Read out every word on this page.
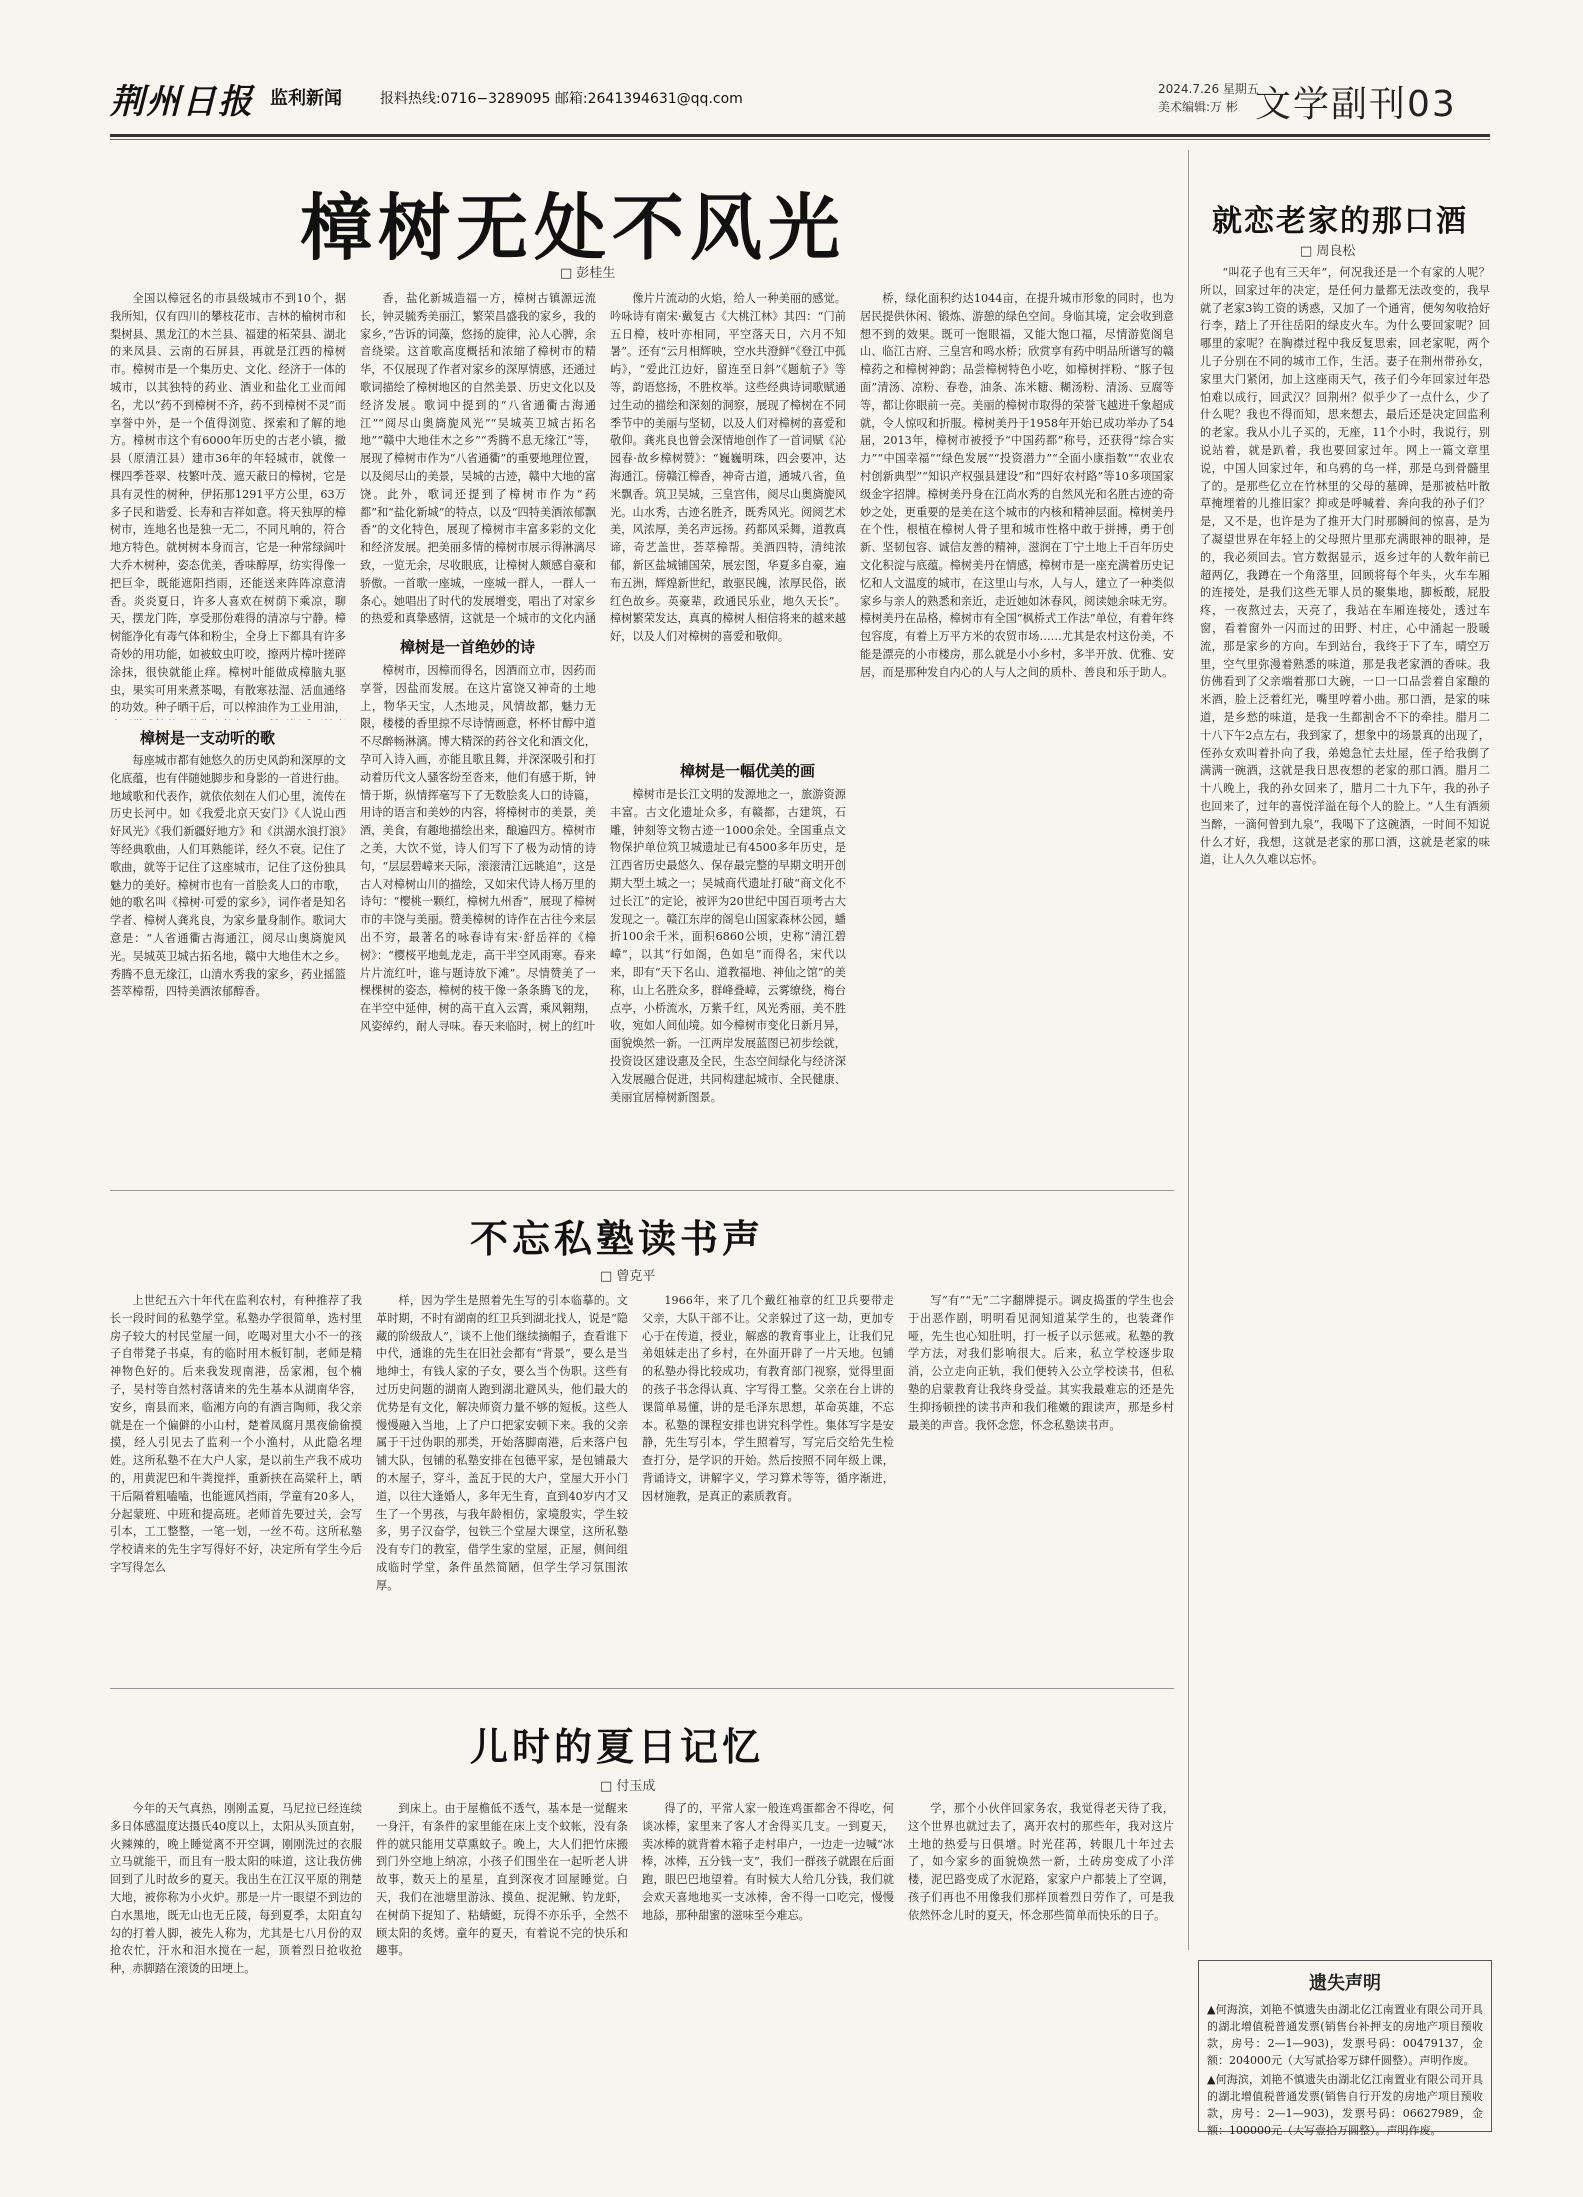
荆州日报 监利新闻	报料热线:0716−3289095 邮箱:2641394631@qq.com
2024.7.26 星期五
美术编辑:万 彬 文学副刊03
樟树无处不风光
□ 彭桂生

全国以樟冠名的市县级城市不到10个，据我所知，仅有四川的攀枝花市、吉林的榆树市和梨树县、黑龙江的木兰县、福建的柘荣县、湖北的来凤县、云南的石屏县，再就是江西的樟树市。樟树市是一个集历史、文化、经济于一体的城市，以其独特的药业、酒业和盐化工业而闻名，尤以“药不到樟树不齐，药不到樟树不灵”而享誉中外，是一个值得浏览、探索和了解的地方。樟树市这个有6000年历史的古老小镇，撤县（原清江县）建市36年的年轻城市，就像一棵四季苍翠、枝繁叶茂、遮天蔽日的樟树，它是具有灵性的树种，伊拓那1291平方公里，63万多子民和谐爱、长寿和吉祥如意。将天独厚的樟树市，连地名也是独一无二，不同凡响的，符合地方特色。就树树本身而言，它是一种常绿阔叶大乔木树种，姿态优美，香味醇厚，纺实得像一把巨伞，既能遮阳挡雨，还能送来阵阵凉意清香。炎炎夏日，许多人喜欢在树荫下乘凉，聊天，摆龙门阵，享受那份难得的清凉与宁静。樟树能净化有毒气体和粉尘，全身上下都具有许多奇妙的用功能，如被蚊虫叮咬，擦两片樟叶搓碎涂抹，很快就能止痒。樟树叶能做成樟脑丸驱虫，果实可用来煮茶喝，有散寒祛湿、活血通络的功效。种子晒干后，可以榨油作为工业用油，

樟树是一支动听的歌

每座城市都有她悠久的历史风韵和深厚的文化底蕴，也有伴随她脚步和身影的一首进行曲。地域歌和代表作，就依依刻在人们心里，流传在历史长河中。如《我爱北京天安门》《人说山西好风光》《我们新疆好地方》和《洪湖水浪打浪》等经典歌曲，人们耳熟能详，经久不衰。记住了歌曲，就等于记住了这座城市，记住了这份独具魅力的美好。樟树市也有一首脍炙人口的市歌，她的歌名叫《樟树·可爱的家乡》，词作者是知名学者、樟树人龚兆良，为家乡量身制作。歌词大意是：“人省通衢古海通江，阅尽山奥旖旎风光。吴城英卫城古拓名地，赣中大地佳木之乡。秀腾不息无缘江，山清水秀我的家乡，药业摇篮荟萃樟帮，四特美酒浓郁醇香。

香，盐化新城造福一方，樟树古镇源远流长，钟灵毓秀美丽江，繁荣昌盛我的家乡，我的家乡，”告诉的词藻，悠扬的旋律，沁人心脾，余音绕梁。这首歌高度概括和浓缩了樟树市的精华，不仅展现了作者对家乡的深厚情感，还通过歌词描绘了樟树地区的自然美景、历史文化以及经济发展。歌词中提到的“八省通衢古海通江”“阅尽山奥旖旎风光”“吴城英卫城古拓名地”“赣中大地佳木之乡”“秀腾不息无缘江”等，展现了樟树市作为“八省通衢”的重要地理位置，以及阅尽山的美景，吴城的古迹，赣中大地的富饶。此外，歌词还提到了樟树市作为“药都”和“盐化新城”的特点，以及“四特美酒浓郁飘香”的文化特色，展现了樟树市丰富多彩的文化和经济发展。把美丽多情的樟树市展示得淋漓尽致，一览无余，尽收眼底，让樟树人颇感自豪和骄傲。一首歌一座城，一座城一群人，一群人一条心。她唱出了时代的发展增变，唱出了对家乡的热爱和真挚感情，这就是一个城市的文化内涵

樟树是一首绝妙的诗

樟树市，因樟而得名，因酒而立市，因药而享誉，因盐而发展。在这片富饶又神奇的土地上，物华天宝，人杰地灵，风情故都，魅力无限，楼楼的香里掠不尽诗情画意，杯杯甘醇中道不尽醉畅淋漓。博大精深的药谷文化和酒文化，孕可入诗入画，亦能且歌且舞，并深深吸引和打动着历代文人骚客纷至沓来，他们有感于斯，钟情于斯，纵情挥毫写下了无数脍炙人口的诗篇，用诗的语言和美妙的内容，将樟树市的美景，美酒，美食，有趣地描绘出来，酿遍四方。樟树市之美，大饮不觉，诗人们写下了极为动情的诗句，“层层碧嶂来天际，滚滚清江远眺追”，这是古人对樟树山川的描绘，又如宋代诗人杨万里的诗句：“樱桃一颗红，樟树九州香”，展现了樟树市的丰饶与美丽。赞美樟树的诗作在古往今来层出不穷，最著名的咏春诗有宋·舒岳祥的《樟树》：“樱桜平地虬龙走，高干半空风雨寒。春来片片流红叶，谁与题诗放下滩”。尽情赞美了一棵棵树的姿态，樟树的枝干像一条条腾飞的龙，在半空中延伸，树的高干直入云霄，乘风翱翔，风姿绰约，耐人寻味。春天来临时，树上的红叶

像片片流动的火焰，给人一种美丽的感觉。吟咏诗有南宋·戴复古《大桃江林》其四：“门前五日樟，枝叶亦相同，平空落天日，六月不知暑”。还有“云月相辉映，空水共澄鲜”《登江中孤屿》，“爱此江边好，留连至日斜”《题航子》等等，韵语悠扬，不胜枚举。这些经典诗词歌赋通过生动的描绘和深刻的洞察，展现了樟树在不同季节中的美丽与坚韧，以及人们对樟树的喜爱和敬仰。龚兆良也曾会深情地创作了一首词赋《沁园春·故乡樟树赞》：“巍巍明珠，四会要冲，达海通江。傍赣江樟香，神奇古道，通城八省，鱼米飘香。筑卫吴城，三皇宫伟，阅尽山奥旖旎风光。山水秀，古迹名胜齐，既秀风光。阅阅艺术美，风浓厚，美名声远扬。药都风采舞，道教真谛，奇艺盖世，荟萃樟帮。美酒四特，清纯浓郁，新区盐城铺国荣，展宏图，华夏多自豪，遍布五洲，辉煌新世纪，敢驱民魄，浓厚民俗，嵌红色故乡。英豪辈，政通民乐业，地久天长”。樟树繁荣发达，真真的樟树人相信将来的越来越好，以及人们对樟树的喜爱和敬仰。

樟树是一幅优美的画

樟树市是长江文明的发源地之一，旅游资源丰富。古文化遗址众多，有赣都，古建筑，石雕，钟刻等文物古迹一1000余处。全国重点文物保护单位筑卫城遗址已有4500多年历史，是江西省历史最悠久、保存最完整的早期文明开创期大型土城之一；吴城商代遗址打破“商文化不过长江”的定论，被评为20世纪中国百项考古大发现之一。赣江东岸的阁皂山国家森林公园，蟠折100余千米，面积6860公顷，史称“清江碧嶂”，以其“行如阁，色如皂”而得名，宋代以来，即有“天下名山、道教福地、神仙之馆”的美称，山上名胜众多，群峰叠嶂，云雾缭绕，梅台点亭，小桥流水，万紫千红，风光秀丽，美不胜收，宛如人间仙境。如今樟树市变化日新月异，面貌焕然一新。一江两岸发展蓝图已初步绘就，投资设区建设惠及全民，生态空间绿化与经济深入发展融合促进，共同构建起城市、全民健康、美丽宜居樟树新图景。

桥，绿化面积约达1044亩，在提升城市形象的同时，也为居民提供休闲、锻炼、游憩的绿色空间。身临其境，定会收到意想不到的效果。既可一饱眼福，又能大饱口福，尽情游览阁皂山、临江古府、三皇宫和鸣水桥；欣赏享有药中明品所谱写的赣樟药之和樟树神韵；品尝樟树特色小吃，如樟树拌粉、“豚子包面”清汤、凉粉、春卷，油条、冻米糖、糊汤粉、清汤、豆腐等等，都让你眼前一亮。美丽的樟树市取得的荣誉飞越进千象超成就，令人惊叹和折服。樟树美丹于1958年开始已成功举办了54届，2013年，樟树市被授予“中国药都”称号，还获得“综合实力”“中国幸福”“绿色发展”“投资潜力”“全面小康指数”“农业农村创新典型”“知识产权强县建设”和“四好农村路”等10多项国家级金字招牌。樟树美丹身在江尚水秀的自然风光和名胜古迹的奇妙之处，更重要的是美在这个城市的内核和精神层面。樟树美丹在个性，根植在樟树人骨子里和城市性格中敢于拼搏，勇于创新、坚韧包容、诚信友善的精神，滋润在丁宁土地上千百年历史文化积淀与底蕴。樟树美丹在情感，樟树市是一座充满着历史记忆和人文温度的城市，在这里山与水，人与人，建立了一种类似家乡与亲人的熟悉和亲近，走近她如沐春风，阅读她余味无穷。樟树美丹在品格，樟树市有全国“枫桥式工作法”单位，有着年终包容度，有着上万平方米的农贸市场……尤其是农村这份美，不能是漂亮的小市楼房，那么就是小小乡村，多半开放、优雅、安居，而是那种发自内心的人与人之间的质朴、善良和乐于助人。

不忘私塾读书声
□ 曾克平

上世纪五六十年代在监利农村，有种推荐了我长一段时间的私塾学堂。私塾办学很简单，选村里房子较大的村民堂屋一间，吃喝对里大小不一的孩子自带凳子书桌，有的临时用木板钉制，老师是精神物色好的。后来我发现南港，岳家湘，包个楠子，吴村等自然村落请来的先生基本从湖南华容，安乡，南县而来，临湘方向的有酒言陶师，我父亲就是在一个偏僻的小山村，楚着凤腐月黑夜偷偷摸摸，经人引见去了监利一个小渔村，从此隐名埋姓。这所私塾不在大户人家，是以前生产我不成功的，用黄泥巴和牛粪搅拌，重新挟在高粱秆上，晒干后隔着粗嗑嗑，也能遮风挡雨，学童有20多人，分起蒙班、中班和提高班。老师首先要过关，会写引本，工工整整，一笔一划，一丝不苟。这所私塾学校请来的先生字写得好不好，决定所有学生今后字写得怎么

样，因为学生是照着先生写的引本临摹的。文革时期，不时有湖南的红卫兵到湖北找人，说是“隐藏的阶级敌人”，谈不上他们继续摘帽子，查看谁下中代，通谁的先生在旧社会都有“背景”，要么是当地绅士，有钱人家的子女，要么当个伪职。这些有过历史问题的湖南人跑到湖北避风头，他们最大的优势是有文化，解决师资力量不够的短板。这些人慢慢融入当地，上了户口把家安顿下来。我的父亲属于干过伪职的那类，开始落脚南港，后来落户包铺大队，包铺的私塾安排在包德平家，是包铺最大的木屋子，穿斗，盖瓦于民的大户，堂屋大开小门道，以往大逢婚人，多年无生育，直到40岁内才又生了一个男孩，与我年龄相仿，家境殷实，学生较多，男子汉奋学，包铁三个堂屋大课堂，这所私塾没有专门的教室，借学生家的堂屋，正屋，侧间组成临时学堂，条件虽然简陋，但学生学习氛围浓厚。

1966年，来了几个戴红袖章的红卫兵要带走父亲，大队干部不让。父亲躲过了这一劫，更加专心于在传道，授业，解惑的教育事业上，让我们兄弟姐妹走出了乡村，在外面开辟了一片天地。包铺的私塾办得比较成功，有教育部门视察，觉得里面的孩子书念得认真、字写得工整。父亲在台上讲的课简单易懂，讲的是毛泽东思想，革命英雄，不忘本。私塾的课程安排也讲究科学性。集体写字是安静，先生写引本，学生照着写，写完后交给先生检查打分，是学识的开始。然后按照不同年级上课，背诵诗文，讲解字义，学习算术等等，循序渐进，因材施教，是真正的素质教育。

写“有”“无”二字翻牌提示。调皮捣蛋的学生也会于出恶作剧，明明看见洞知道某学生的，也装聋作哑，先生也心知肚明，打一板子以示惩戒。私塾的教学方法，对我们影响很大。后来，私立学校逐步取消，公立走向正轨，我们便转入公立学校读书，但私塾的启蒙教育让我终身受益。其实我最难忘的还是先生抑扬顿挫的读书声和我们稚嫩的跟读声，那是乡村最美的声音。我怀念您，怀念私塾读书声。

儿时的夏日记忆
□ 付玉成

今年的天气真热，刚刚孟夏，马尼拉已经连续多日体感温度达摄氏40度以上，太阳从头顶直射，火辣辣的，晚上睡觉离不开空调，刚刚洗过的衣服立马就能干，而且有一股太阳的味道，这让我仿佛回到了儿时故乡的夏天。我出生在江汉平原的荆楚大地，被你称为小火炉。那是一片一眼望不到边的白水黑地，既无山也无丘陵，每到夏季，太阳直勾勾的打着人脚，被先人称为，尤其是七八月份的双抢农忙，汗水和泪水搅在一起，顶着烈日抢收抢种，赤脚踏在滚烫的田埂上。

到床上。由于屋檐低不透气，基本是一觉醒来一身汗，有条件的家里能在床上支个蚊帐，没有条件的就只能用艾草熏蚊子。晚上，大人们把竹床搬到门外空地上纳凉，小孩子们围坐在一起听老人讲故事，数天上的星星，直到深夜才回屋睡觉。白天，我们在池塘里游泳、摸鱼、捉泥鳅、钓龙虾，在树荫下捉知了、粘蜻蜓，玩得不亦乐乎，全然不顾太阳的炙烤。童年的夏天，有着说不完的快乐和趣事。

得了的，平常人家一般连鸡蛋都舍不得吃，何谈冰棒，家里来了客人才舍得买几支。一到夏天，卖冰棒的就背着木箱子走村串户，一边走一边喊“冰棒，冰棒，五分钱一支”，我们一群孩子就跟在后面跑，眼巴巴地望着。有时候大人给几分钱，我们就会欢天喜地地买一支冰棒，舍不得一口吃完，慢慢地舔，那种甜蜜的滋味至今难忘。

学，那个小伙伴回家务农，我觉得老天待了我，这个世界也就过去了，离开农村的那些年，我对这片土地的热爱与日俱增。时光荏苒，转眼几十年过去了，如今家乡的面貌焕然一新，土砖房变成了小洋楼，泥巴路变成了水泥路，家家户户都装上了空调，孩子们再也不用像我们那样顶着烈日劳作了，可是我依然怀念儿时的夏天，怀念那些简单而快乐的日子。

就恋老家的那口酒
□ 周良松

“叫花子也有三天年”，何况我还是一个有家的人呢？所以，回家过年的决定，是任何力量都无法改变的，我早就了老家3钩工资的诱惑，又加了一个通宵，便匆匆收拾好行李，踏上了开往岳阳的绿皮火车。为什么要回家呢？回哪里的家呢？在胸襟过程中我反复思索，回老家呢，两个儿子分别在不同的城市工作，生活。妻子在荆州带孙女，家里大门紧闭，加上这座雨天气，孩子们今年回家过年恐怕难以成行，回武汉？回荆州？似乎少了一点什么，少了什么呢？我也不得而知，思来想去，最后还是决定回监利的老家。我从小儿子买的，无座，11个小时，我说行，别说站着，就是趴着，我也要回家过年。网上一篇文章里说，中国人回家过年，和乌鸦的乌一样，那是乌到骨髓里了的。是那些亿立在竹林里的父母的墓碑，是那被枯叶散草掩埋着的儿推旧家？抑或是呼喊着、奔向我的孙子们？是，又不是，也许是为了推开大门时那瞬间的惊喜，是为了凝望世界在年轻上的父母照片里那充满眼神的眼神，是的，我必须回去。官方数据显示，返乡过年的人数年前已超两亿，我蹲在一个角落里，回顾将每个年头，火车车厢的连接处，是我们这些无罪人员的聚集地，脚板酸，屁股疼，一夜熬过去，天亮了，我站在车厢连接处，透过车窗，看着窗外一闪而过的田野、村庄，心中涌起一股暖流，那是家乡的方向。车到站台，我终于下了车，晴空万里，空气里弥漫着熟悉的味道，那是我老家酒的香味。我仿佛看到了父亲端着那口大碗，一口一口品尝着自家酿的米酒，脸上泛着红光，嘴里哼着小曲。那口酒，是家的味道，是乡愁的味道，是我一生都割舍不下的牵挂。腊月二十八下午2点左右，我到家了，想象中的场景真的出现了，侄孙女欢叫着扑向了我，弟媳急忙去灶屋，侄子给我倒了满满一碗酒，这就是我日思夜想的老家的那口酒。腊月二十八晚上，我的孙女回来了，腊月二十九下午，我的孙子也回来了，过年的喜悦洋溢在每个人的脸上。“人生有酒须当醉，一滴何曾到九泉”，我喝下了这碗酒，一时间不知说什么才好，我想，这就是老家的那口酒，这就是老家的味道，让人久久难以忘怀。

遗失声明

▲何海滨，刘艳不慎遗失由湖北亿江南置业有限公司开具的湖北增值税普通发票(销售台补押支的房地产项目预收款，房号：2—1—903)，发票号码：00479137，金额：204000元（大写贰拾零万肆仟圆整）。声明作废。

▲何海滨，刘艳不慎遗失由湖北亿江南置业有限公司开具的湖北增值税普通发票(销售自行开发的房地产项目预收款，房号：2—1—903)，发票号码：06627989，金额：100000元（大写壹拾万圆整）。声明作废。
